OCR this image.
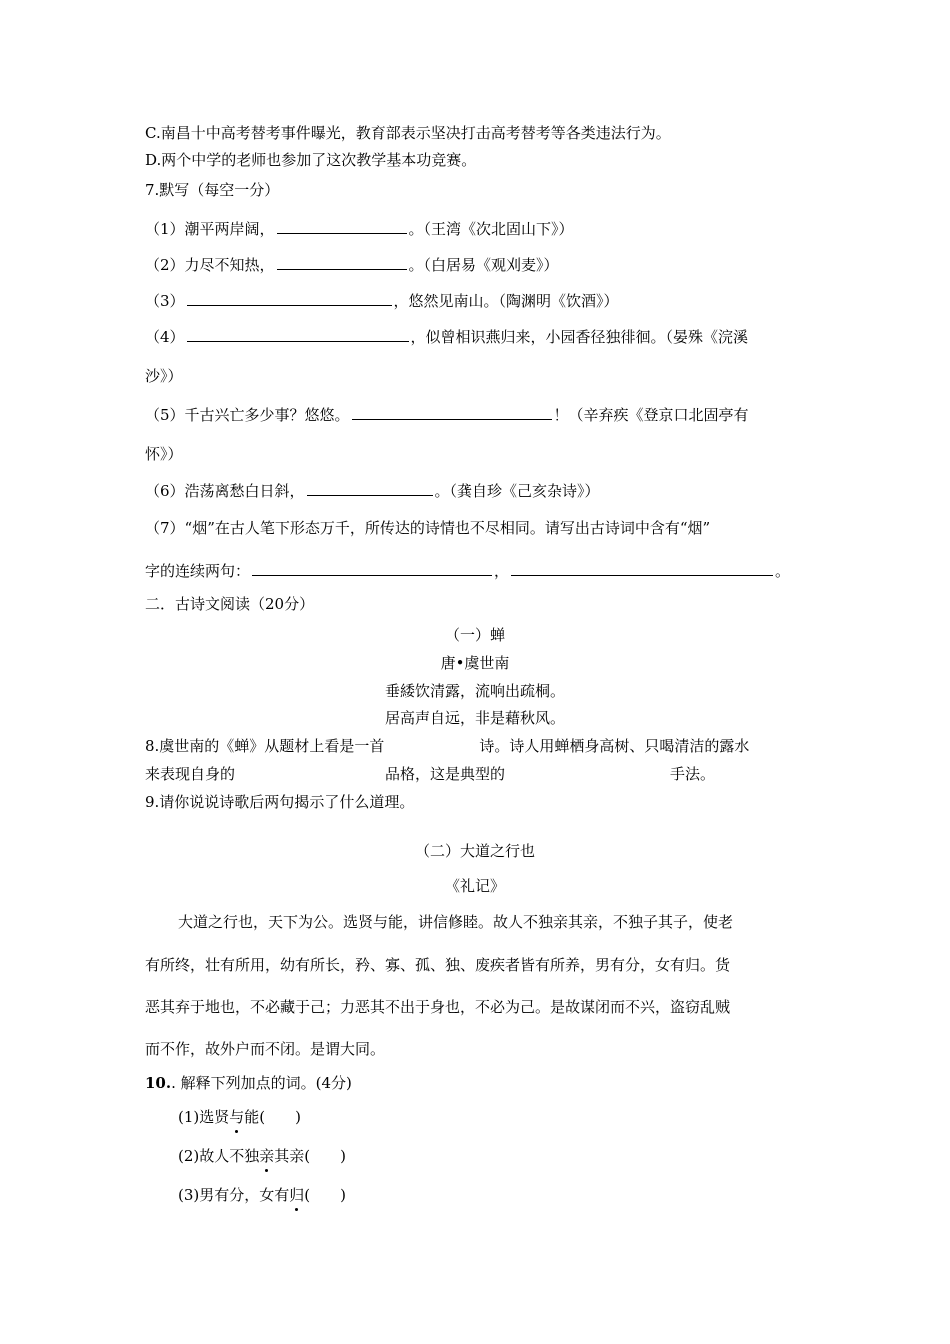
C.南昌十中高考替考事件曝光，教育部表示坚决打击高考替考等各类违法行为。
D.两个中学的老师也参加了这次教学基本功竞赛。
7.默写（每空一分）
（1）潮平两岸阔，	。（王湾《次北固山下》）
（2）力尽不知热，	。（白居易《观刈麦》）
（3）	，悠然见南山。（陶渊明《饮酒》）
（4）	，似曾相识燕归来，小园香径独徘徊。（晏殊《浣溪
沙》）
（5）千古兴亡多少事？悠悠。	！（辛弃疾《登京口北固亭有
怀》）
（6）浩荡离愁白日斜，	。（龚自珍《己亥杂诗》）
（7）“烟”在古人笔下形态万千，所传达的诗情也不尽相同。请写出古诗词中含有“烟”
字的连续两句：	，	。
二．古诗文阅读（20分）
（一）蝉
唐•虞世南
垂緌饮清露，流响出疏桐。
居高声自远，非是藉秋风。
8.虞世南的《蝉》从题材上看是一首	诗。诗人用蝉栖身高树、只喝清洁的露水
来表现自身的	品格，这是典型的	手法。
9.请你说说诗歌后两句揭示了什么道理。
（二）大道之行也
《礼记》
大道之行也，天下为公。选贤与能，讲信修睦。故人不独亲其亲，不独子其子，使老
有所终，壮有所用，幼有所长，矜、寡、孤、独、废疾者皆有所养，男有分，女有归。货
恶其弃于地也，不必藏于己；力恶其不出于身也，不必为己。是故谋闭而不兴，盗窃乱贼
而不作，故外户而不闭。是谓大同。
10.. 解释下列加点的词。(4分)
(1)选贤与能(　　)
(2)故人不独亲其亲(　　)
(3)男有分，女有归(　　)
